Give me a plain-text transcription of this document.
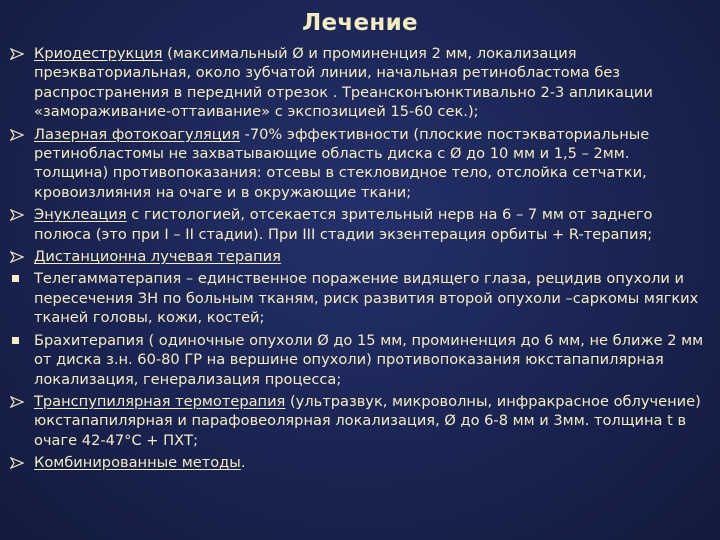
Лечение
Криодеструкция (максимальный Ø и проминенция 2 мм, локализация преэкваториальная, около зубчатой линии, начальная ретинобластома без распространения в передний отрезок . Треансконъюнктивально 2-3 апликации «замораживание-оттаивание» с экспозицией 15-60 сек.);
Лазерная фотокоагуляция -70% эффективности (плоские постэкваториальные ретинобластомы не захватывающие область диска с Ø до 10 мм и 1,5 – 2мм. толщина) противопоказания: отсевы в стекловидное тело, отслойка сетчатки, кровоизлияния на очаге и в окружающие ткани;
Энуклеация с гистологией, отсекается зрительный нерв на 6 – 7 мм от заднего полюса (это при I – II стадии). При III стадии экзентерация орбиты + R-терапия;
Дистанционна лучевая терапия
Телегамматерапия – единственное поражение видящего глаза, рецидив опухоли и пересечения ЗН по больным тканям, риск развития второй опухоли –саркомы мягких тканей головы, кожи, костей;
Брахитерапия ( одиночные опухоли Ø до 15 мм, проминенция до 6 мм, не ближе 2 мм от диска з.н. 60-80 ГР на вершине опухоли) противопоказания юкстапапилярная локализация, генерализация процесса;
Транспупилярная термотерапия (ультразвук, микроволны, инфракрасное облучение) юкстапапилярная и парафовеолярная локализация, Ø до 6-8 мм и 3мм. толщина t в очаге 42-47°С + ПХТ;
Комбинированные методы.
